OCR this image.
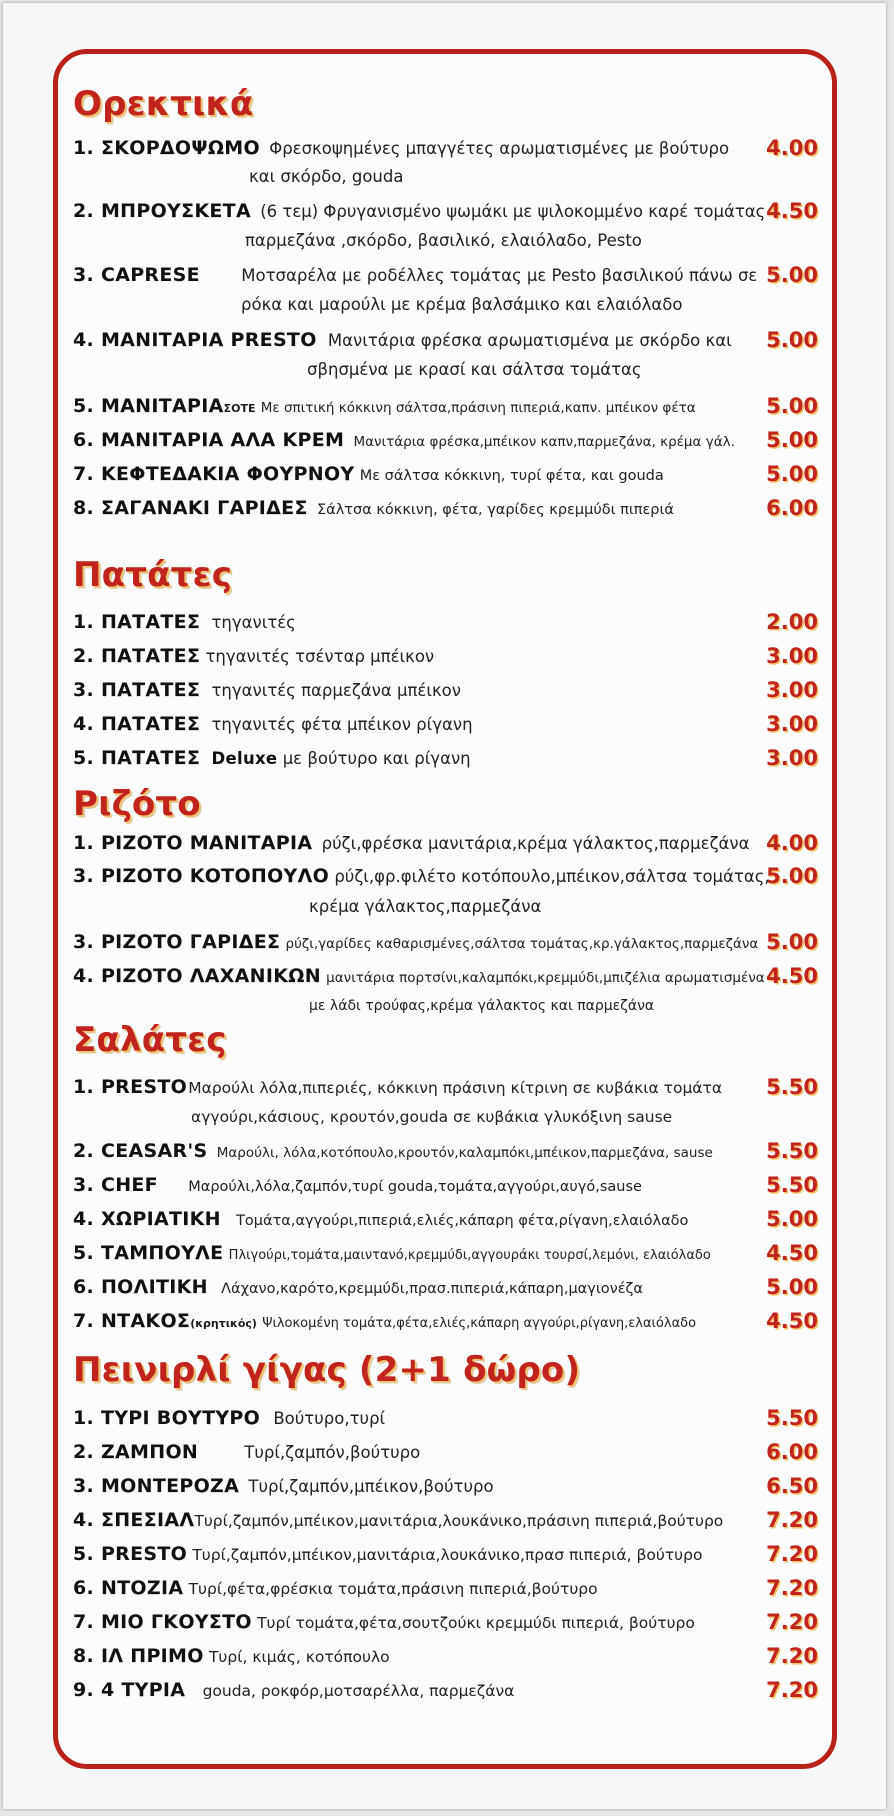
Ορεκτικά
1. ΣΚΟΡΔΟΨΩΜΟ Φρεσκοψημένες μπαγγέτες αρωματισμένες με βούτυρο
και σκόρδο, gouda
4.00
2. ΜΠΡΟΥΣΚΕΤΑ (6 τεμ) Φρυγανισμένο ψωμάκι με ψιλοκομμένο καρέ τομάτας
παρμεζάνα ,σκόρδο, βασιλικό, ελαιόλαδο, Pesto
4.50
3. CAPRESE	Μοτσαρέλα με ροδέλλες τομάτας με Pesto βασιλικού πάνω σε
ρόκα και μαρούλι με κρέμα βαλσάμικο και ελαιόλαδο
5.00
4. ΜΑΝΙΤΑΡΙΑ PRESTO Μανιτάρια φρέσκα αρωματισμένα με σκόρδο και
σβησμένα με κρασί και σάλτσα τομάτας
5.00
5. ΜΑΝΙΤΑΡΙΑΣΟΤΕ Με σπιτική κόκκινη σάλτσα,πράσινη πιπεριά,καπν. μπέικον φέτα	5.00
6. ΜΑΝΙΤΑΡΙΑ ΑΛΑ ΚΡΕΜ Μανιτάρια φρέσκα,μπέικον καπν,παρμεζάνα, κρέμα γάλ.	5.00
7. ΚΕΦΤΕΔΑΚΙΑ ΦΟΥΡΝΟΥ Με σάλτσα κόκκινη, τυρί φέτα, και gouda	5.00
8. ΣΑΓΑΝΑΚΙ ΓΑΡΙΔΕΣ Σάλτσα κόκκινη, φέτα, γαρίδες κρεμμύδι πιπεριά	6.00
Πατάτες
1. ΠΑΤΑΤΕΣ τηγανιτές	2.00
2. ΠΑΤΑΤΕΣ τηγανιτές τσένταρ μπέικον	3.00
3. ΠΑΤΑΤΕΣ τηγανιτές παρμεζάνα μπέικον	3.00
4. ΠΑΤΑΤΕΣ τηγανιτές φέτα μπέικον ρίγανη	3.00
5. ΠΑΤΑΤΕΣ Deluxe με βούτυρο και ρίγανη	3.00
Ριζότο
1. ΡΙΖΟΤΟ ΜΑΝΙΤΑΡΙΑ ρύζι,φρέσκα μανιτάρια,κρέμα γάλακτος,παρμεζάνα 4.00
3. ΡΙΖΟΤΟ ΚΟΤΟΠΟΥΛΟ ρύζι,φρ.φιλέτο κοτόπουλο,μπέικον,σάλτσα τομάτας,
κρέμα γάλακτος,παρμεζάνα
5.00
3. ΡΙΖΟΤΟ ΓΑΡΙΔΕΣ ρύζι,γαρίδες καθαρισμένες,σάλτσα τομάτας,κρ.γάλακτος,παρμεζάνα 5.00
4. ΡΙΖΟΤΟ ΛΑΧΑΝΙΚΩΝ μανιτάρια πορτσίνι,καλαμπόκι,κρεμμύδι,μπιζέλια αρωματισμένα
με λάδι τρούφας,κρέμα γάλακτος και παρμεζάνα
4.50
Σαλάτες
1. PRESTO Μαρούλι λόλα,πιπεριές, κόκκινη πράσινη κίτρινη σε κυβάκια τομάτα
αγγούρι,κάσιους, κρουτόν,gouda σε κυβάκια γλυκόξινη sause
5.50
2. CEASAR'S Μαρούλι, λόλα,κοτόπουλο,κρουτόν,καλαμπόκι,μπέικον,παρμεζάνα, sause	5.50
3. CHEF Μαρούλι,λόλα,ζαμπόν,τυρί gouda,τομάτα,αγγούρι,αυγό,sause	5.50
4. ΧΩΡΙΑΤΙΚΗ Τομάτα,αγγούρι,πιπεριά,ελιές,κάπαρη φέτα,ρίγανη,ελαιόλαδο	5.00
5. ΤΑΜΠΟΥΛΕ Πλιγούρι,τομάτα,μαιντανό,κρεμμύδι,αγγουράκι τουρσί,λεμόνι, ελαιόλαδο	4.50
6. ΠΟΛΙΤΙΚΗ Λάχανο,καρότο,κρεμμύδι,πρασ.πιπεριά,κάπαρη,μαγιονέζα	5.00
7. ΝΤΑΚΟΣ(κρητικός) Ψιλοκομένη τομάτα,φέτα,ελιές,κάπαρη αγγούρι,ρίγανη,ελαιόλαδο	4.50
Πεινιρλί γίγας (2+1 δώρο)
1. ΤΥΡΙ ΒΟΥΤΥΡΟ Βούτυρο,τυρί	5.50
2. ΖΑΜΠΟΝ	Τυρί,ζαμπόν,βούτυρο	6.00
3. ΜΟΝΤΕΡΟΖΑ Τυρί,ζαμπόν,μπέικον,βούτυρο	6.50
4. ΣΠΕΣΙΑΛΤυρί,ζαμπόν,μπέικον,μανιτάρια,λουκάνικο,πράσινη πιπεριά,βούτυρο	7.20
5. PRESTO Τυρί,ζαμπόν,μπέικον,μανιτάρια,λουκάνικο,πρασ πιπεριά, βούτυρο	7.20
6. ΝΤΟΖΙΑ Τυρί,φέτα,φρέσκια τομάτα,πράσινη πιπεριά,βούτυρο	7.20
7. ΜΙΟ ΓΚΟΥΣΤΟ Τυρί τομάτα,φέτα,σουτζούκι κρεμμύδι πιπεριά, βούτυρο	7.20
8. ΙΛ ΠΡΙΜΟ Τυρί, κιμάς, κοτόπουλο	7.20
9. 4 ΤΥΡΙΑ gouda, ροκφόρ,μοτσαρέλλα, παρμεζάνα	7.20
